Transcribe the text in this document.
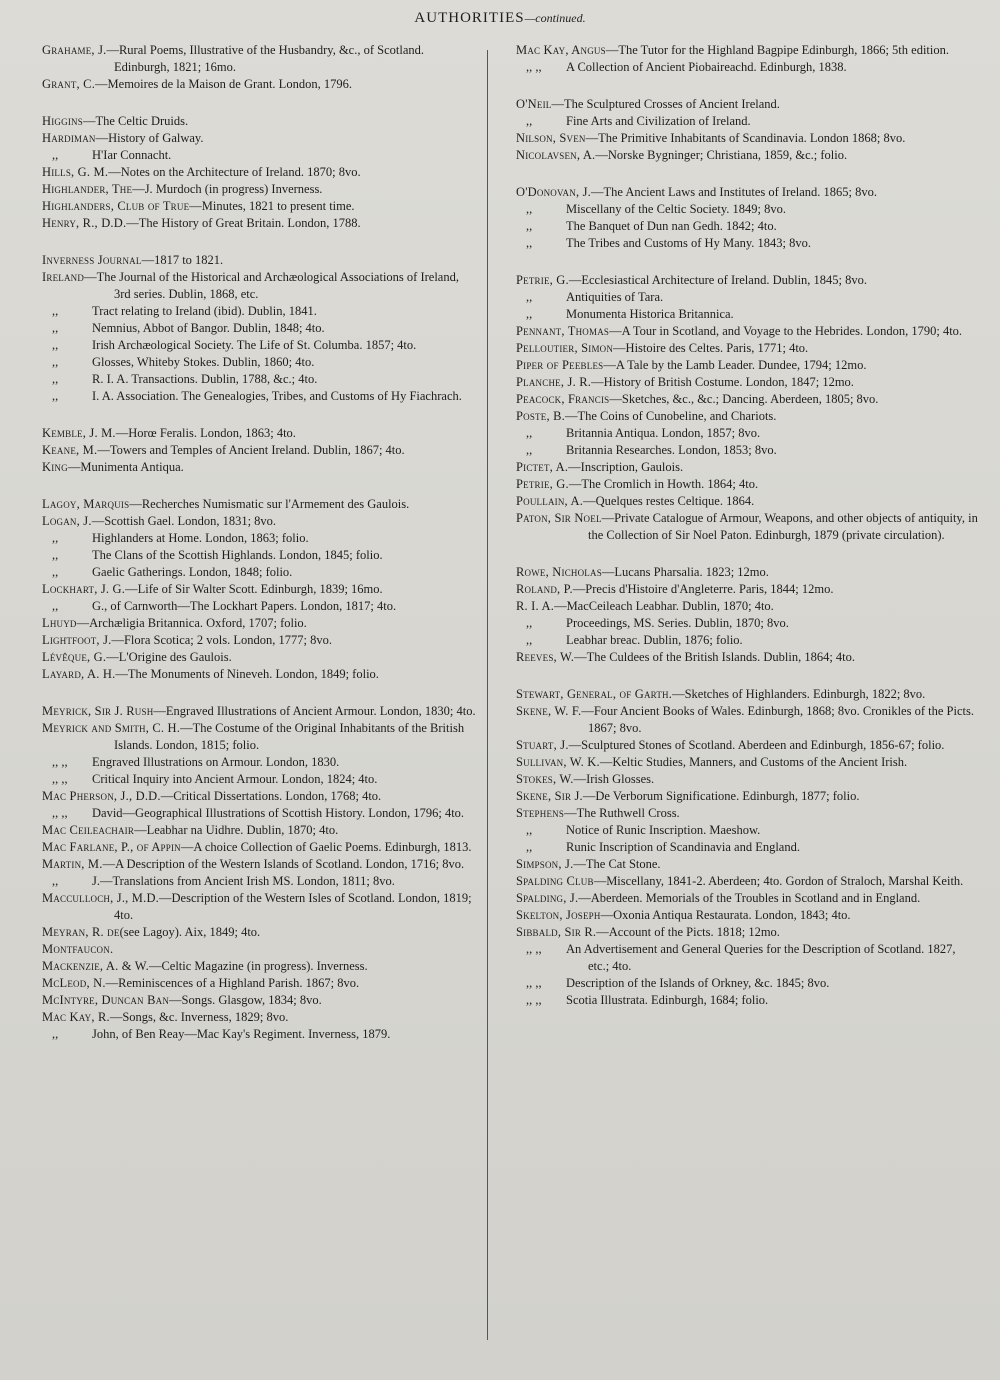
AUTHORITIES—continued.

Grahame, J.—Rural Poems, Illustrative of the Husbandry, &c., of Scotland. Edinburgh, 1821; 16mo.

Grant, C.—Memoires de la Maison de Grant. London, 1796.

Higgins—The Celtic Druids.

Hardiman—History of Galway.

,,	H'Iar Connacht.

Hills, G. M.—Notes on the Architecture of Ireland. 1870; 8vo.

Highlander, The—J. Murdoch (in progress) Inverness.

Highlanders, Club of True—Minutes, 1821 to present time.

Henry, R., D.D.—The History of Great Britain. London, 1788.

Inverness Journal—1817 to 1821.

Ireland—The Journal of the Historical and Archæological Associations of Ireland, 3rd series. Dublin, 1868, etc.

,,	Tract relating to Ireland (ibid). Dublin, 1841.

,,	Nemnius, Abbot of Bangor. Dublin, 1848; 4to.

,,	Irish Archæological Society. The Life of St. Columba. 1857; 4to.

,,	Glosses, Whiteby Stokes. Dublin, 1860; 4to.

,,	R. I. A. Transactions. Dublin, 1788, &c.; 4to.

,,	I. A. Association. The Genealogies, Tribes, and Customs of Hy Fiachrach.

Kemble, J. M.—Horœ Feralis. London, 1863; 4to.

Keane, M.—Towers and Temples of Ancient Ireland. Dublin, 1867; 4to.

King—Munimenta Antiqua.

Lagoy, Marquis—Recherches Numismatic sur l'Armement des Gaulois.

Logan, J.—Scottish Gael. London, 1831; 8vo.

,,	Highlanders at Home. London, 1863; folio.

,,	The Clans of the Scottish Highlands. London, 1845; folio.

,,	Gaelic Gatherings. London, 1848; folio.

Lockhart, J. G.—Life of Sir Walter Scott. Edinburgh, 1839; 16mo.

,,	G., of Carnworth—The Lockhart Papers. London, 1817; 4to.

Lhuyd—Archæligia Britannica. Oxford, 1707; folio.

Lightfoot, J.—Flora Scotica; 2 vols. London, 1777; 8vo.

Lévêque, G.—L'Origine des Gaulois.

Layard, A. H.—The Monuments of Nineveh. London, 1849; folio.

Meyrick, Sir J. Rush—Engraved Illustrations of Ancient Armour. London, 1830; 4to.

Meyrick and Smith, C. H.—The Costume of the Original Inhabitants of the British Islands. London, 1815; folio.

,, ,, Engraved Illustrations on Armour. London, 1830.

,, ,, Critical Inquiry into Ancient Armour. London, 1824; 4to.

Mac Pherson, J., D.D.—Critical Dissertations. London, 1768; 4to.

,, ,, David—Geographical Illustrations of Scottish History. London, 1796; 4to.

Mac Ceileachair—Leabhar na Uidhre. Dublin, 1870; 4to.

Mac Farlane, P., of Appin—A choice Collection of Gaelic Poems. Edinburgh, 1813.

Martin, M.—A Description of the Western Islands of Scotland. London, 1716; 8vo.

,,	J.—Translations from Ancient Irish MS. London, 1811; 8vo.

Macculloch, J., M.D.—Description of the Western Isles of Scotland. London, 1819; 4to.

Meyran, R. de(see Lagoy). Aix, 1849; 4to.

Montfaucon.

Mackenzie, A. & W.—Celtic Magazine (in progress). Inverness.

McLeod, N.—Reminiscences of a Highland Parish. 1867; 8vo.

McIntyre, Duncan Ban—Songs. Glasgow, 1834; 8vo.

Mac Kay, R.—Songs, &c. Inverness, 1829; 8vo.

,,	John, of Ben Reay—Mac Kay's Regiment. Inverness, 1879.

Mac Kay, Angus—The Tutor for the Highland Bagpipe Edinburgh, 1866; 5th edition.

,, ,, A Collection of Ancient Piobaireachd. Edinburgh, 1838.

O'Neil—The Sculptured Crosses of Ancient Ireland.

,,	Fine Arts and Civilization of Ireland.

Nilson, Sven—The Primitive Inhabitants of Scandinavia. London 1868; 8vo.

Nicolavsen, A.—Norske Bygninger; Christiana, 1859, &c.; folio.

O'Donovan, J.—The Ancient Laws and Institutes of Ireland. 1865; 8vo.

,,	Miscellany of the Celtic Society. 1849; 8vo.

,,	The Banquet of Dun nan Gedh. 1842; 4to.

,,	The Tribes and Customs of Hy Many. 1843; 8vo.

Petrie, G.—Ecclesiastical Architecture of Ireland. Dublin, 1845; 8vo.

,,	Antiquities of Tara.

,,	Monumenta Historica Britannica.

Pennant, Thomas—A Tour in Scotland, and Voyage to the Hebrides. London, 1790; 4to.

Pelloutier, Simon—Histoire des Celtes. Paris, 1771; 4to.

Piper of Peebles—A Tale by the Lamb Leader. Dundee, 1794; 12mo.

Planche, J. R.—History of British Costume. London, 1847; 12mo.

Peacock, Francis—Sketches, &c., &c.; Dancing. Aberdeen, 1805; 8vo.

Poste, B.—The Coins of Cunobeline, and Chariots.

,,	Britannia Antiqua. London, 1857; 8vo.

,,	Britannia Researches. London, 1853; 8vo.

Pictet, A.—Inscription, Gaulois.

Petrie, G.—The Cromlich in Howth. 1864; 4to.

Poullain, A.—Quelques restes Celtique. 1864.

Paton, Sir Noel—Private Catalogue of Armour, Weapons, and other objects of antiquity, in the Collection of Sir Noel Paton. Edinburgh, 1879 (private circulation).

Rowe, Nicholas—Lucans Pharsalia. 1823; 12mo.

Roland, P.—Precis d'Histoire d'Angleterre. Paris, 1844; 12mo.

R. I. A.—MacCeileach Leabhar. Dublin, 1870; 4to.

,,	Proceedings, MS. Series. Dublin, 1870; 8vo.

,,	Leabhar breac. Dublin, 1876; folio.

Reeves, W.—The Culdees of the British Islands. Dublin, 1864; 4to.

Stewart, General, of Garth.—Sketches of Highlanders. Edinburgh, 1822; 8vo.

Skene, W. F.—Four Ancient Books of Wales. Edinburgh, 1868; 8vo. Cronikles of the Picts. 1867; 8vo.

Stuart, J.—Sculptured Stones of Scotland. Aberdeen and Edinburgh, 1856-67; folio.

Sullivan, W. K.—Keltic Studies, Manners, and Customs of the Ancient Irish.

Stokes, W.—Irish Glosses.

Skene, Sir J.—De Verborum Significatione. Edinburgh, 1877; folio.

Stephens—The Ruthwell Cross.

,,	Notice of Runic Inscription. Maeshow.

,,	Runic Inscription of Scandinavia and England.

Simpson, J.—The Cat Stone.

Spalding Club—Miscellany, 1841-2. Aberdeen; 4to. Gordon of Straloch, Marshal Keith.

Spalding, J.—Aberdeen. Memorials of the Troubles in Scotland and in England.

Skelton, Joseph—Oxonia Antiqua Restaurata. London, 1843; 4to.

Sibbald, Sir R.—Account of the Picts. 1818; 12mo.

,, ,, An Advertisement and General Queries for the Description of Scotland. 1827, etc.; 4to.

,, ,, Description of the Islands of Orkney, &c. 1845; 8vo.

,, ,, Scotia Illustrata. Edinburgh, 1684; folio.
